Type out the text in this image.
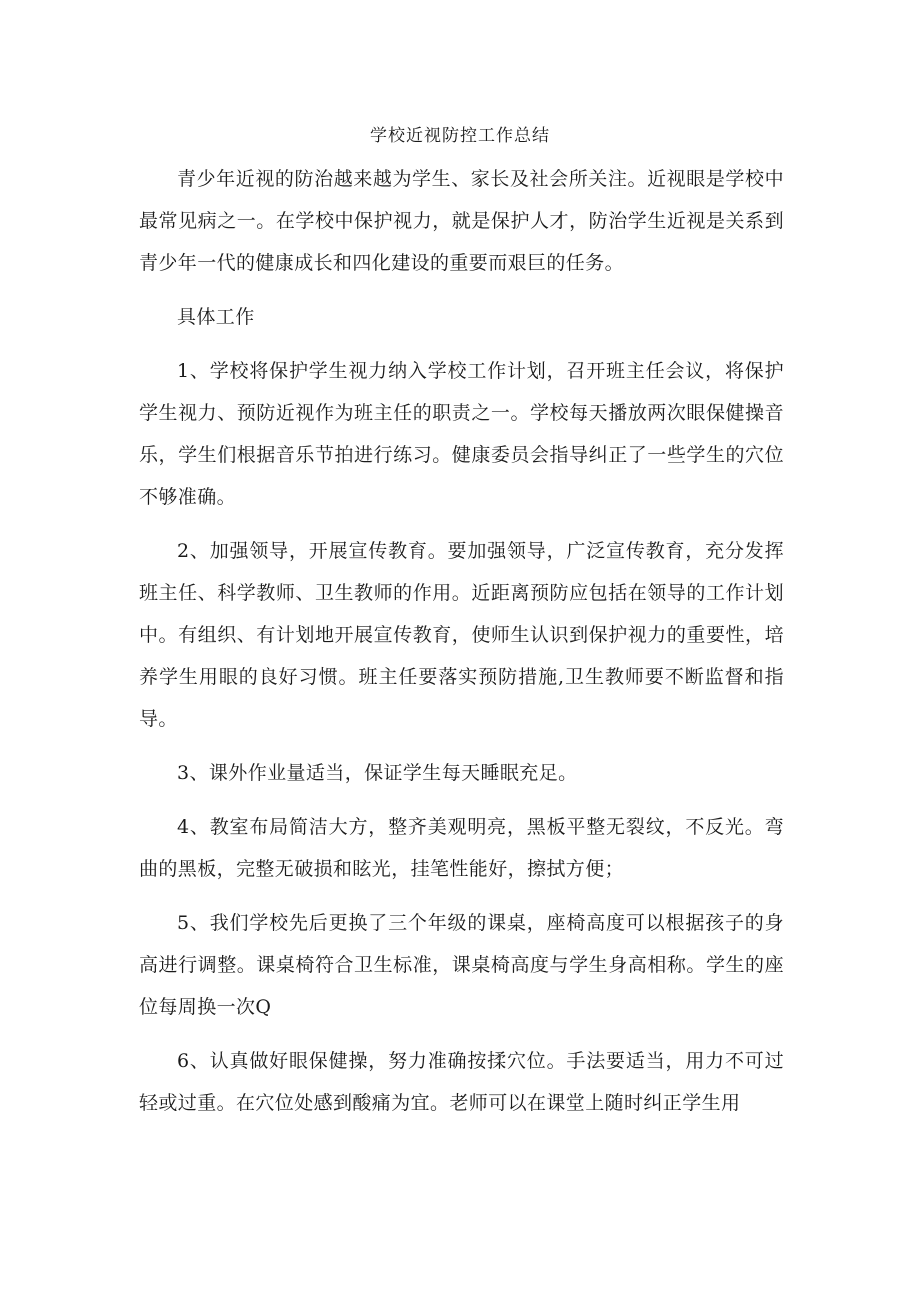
学校近视防控工作总结

青少年近视的防治越来越为学生、家长及社会所关注。近视眼是学校中最常见病之一。在学校中保护视力，就是保护人才，防治学生近视是关系到青少年一代的健康成长和四化建设的重要而艰巨的任务。

具体工作

1、学校将保护学生视力纳入学校工作计划，召开班主任会议，将保护学生视力、预防近视作为班主任的职责之一。学校每天播放两次眼保健操音乐，学生们根据音乐节拍进行练习。健康委员会指导纠正了一些学生的穴位不够准确。

2、加强领导，开展宣传教育。要加强领导，广泛宣传教育，充分发挥班主任、科学教师、卫生教师的作用。近距离预防应包括在领导的工作计划中。有组织、有计划地开展宣传教育，使师生认识到保护视力的重要性，培养学生用眼的良好习惯。班主任要落实预防措施,卫生教师要不断监督和指导。

3、课外作业量适当，保证学生每天睡眠充足。

4、教室布局简洁大方，整齐美观明亮，黑板平整无裂纹，不反光。弯曲的黑板，完整无破损和眩光，挂笔性能好，擦拭方便；

5、我们学校先后更换了三个年级的课桌，座椅高度可以根据孩子的身高进行调整。课桌椅符合卫生标准，课桌椅高度与学生身高相称。学生的座位每周换一次Q

6、认真做好眼保健操，努力准确按揉穴位。手法要适当，用力不可过轻或过重。在穴位处感到酸痛为宜。老师可以在课堂上随时纠正学生用
